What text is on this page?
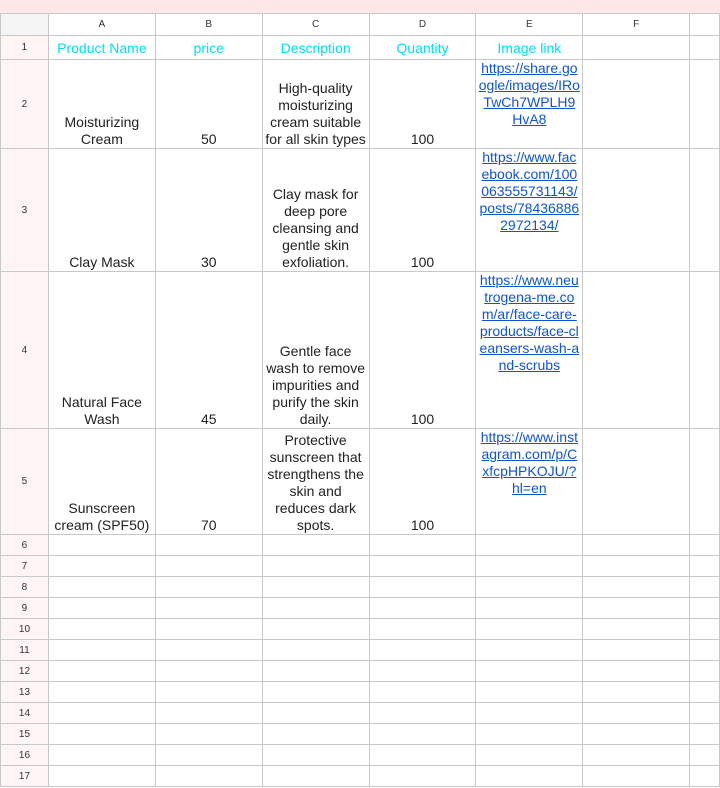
	A	B	C	D	E	F	
1	Product Name	price	Description	Quantity	Image link		
2	Moisturizing Cream	50	High-quality moisturizing cream suitable for all skin types	100	https://share.google/images/IRoTwCh7WPLH9HvA8		
3	Clay Mask	30	Clay mask for deep pore cleansing and gentle skin exfoliation.	100	https://www.facebook.com/100063555731143/posts/784368862972134/		
4	Natural Face Wash	45	Gentle face wash to remove impurities and purify the skin daily.	100	https://www.neutrogena-me.com/ar/face-care-products/face-cleansers-wash-and-scrubs		
5	Sunscreen cream (SPF50)	70	Protective sunscreen that strengthens the skin and reduces dark spots.	100	https://www.instagram.com/p/CxfcpHPKOJU/?hl=en		
6							
7							
8							
9							
10							
11							
12							
13							
14							
15							
16							
17							
